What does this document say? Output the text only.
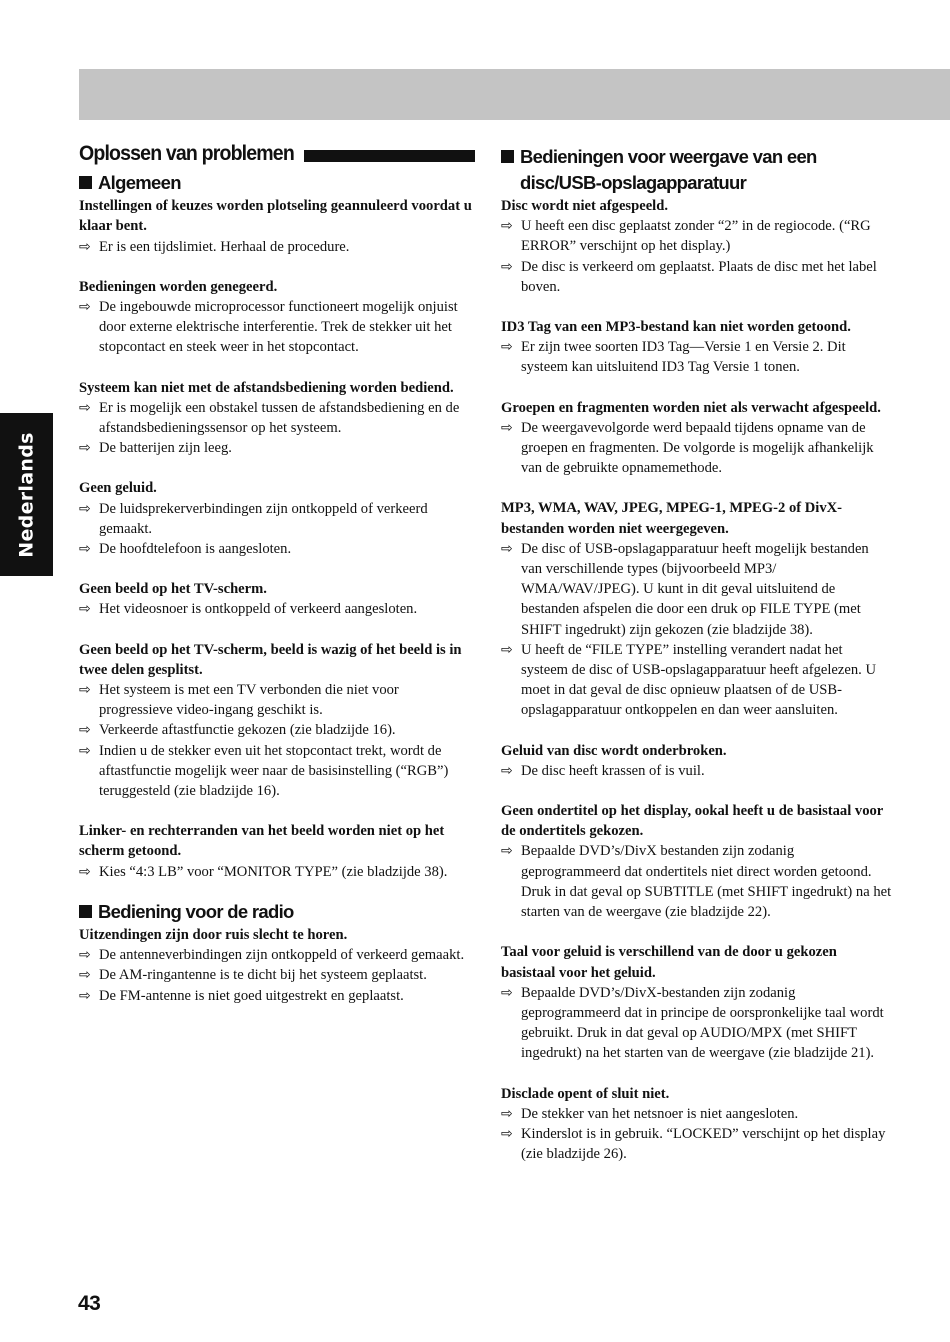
Nederlands
Oplossen van problemen
Algemeen
Instellingen of keuzes worden plotseling geannuleerd voordat u klaar bent.
⇨ Er is een tijdslimiet. Herhaal de procedure.
Bedieningen worden genegeerd.
⇨ De ingebouwde microprocessor functioneert mogelijk onjuist door externe elektrische interferentie. Trek de stekker uit het stopcontact en steek weer in het stopcontact.
Systeem kan niet met de afstandsbediening worden bediend.
⇨ Er is mogelijk een obstakel tussen de afstandsbediening en de afstandsbedieningssensor op het systeem.
⇨ De batterijen zijn leeg.
Geen geluid.
⇨ De luidsprekerverbindingen zijn ontkoppeld of verkeerd gemaakt.
⇨ De hoofdtelefoon is aangesloten.
Geen beeld op het TV-scherm.
⇨ Het videosnoer is ontkoppeld of verkeerd aangesloten.
Geen beeld op het TV-scherm, beeld is wazig of het beeld is in twee delen gesplitst.
⇨ Het systeem is met een TV verbonden die niet voor progressieve video-ingang geschikt is.
⇨ Verkeerde aftastfunctie gekozen (zie bladzijde 16).
⇨ Indien u de stekker even uit het stopcontact trekt, wordt de aftastfunctie mogelijk weer naar de basisinstelling (“RGB”) teruggesteld (zie bladzijde 16).
Linker- en rechterranden van het beeld worden niet op het scherm getoond.
⇨ Kies “4:3 LB” voor “MONITOR TYPE” (zie bladzijde 38).
Bediening voor de radio
Uitzendingen zijn door ruis slecht te horen.
⇨ De antenneverbindingen zijn ontkoppeld of verkeerd gemaakt.
⇨ De AM-ringantenne is te dicht bij het systeem geplaatst.
⇨ De FM-antenne is niet goed uitgestrekt en geplaatst.
Bedieningen voor weergave van een disc/USB-opslagapparatuur
Disc wordt niet afgespeeld.
⇨ U heeft een disc geplaatst zonder “2” in de regiocode. (“RG ERROR” verschijnt op het display.)
⇨ De disc is verkeerd om geplaatst. Plaats de disc met het label boven.
ID3 Tag van een MP3-bestand kan niet worden getoond.
⇨ Er zijn twee soorten ID3 Tag—Versie 1 en Versie 2. Dit systeem kan uitsluitend ID3 Tag Versie 1 tonen.
Groepen en fragmenten worden niet als verwacht afgespeeld.
⇨ De weergavevolgorde werd bepaald tijdens opname van de groepen en fragmenten. De volgorde is mogelijk afhankelijk van de gebruikte opnamemethode.
MP3, WMA, WAV, JPEG, MPEG-1, MPEG-2 of DivX-bestanden worden niet weergegeven.
⇨ De disc of USB-opslagapparatuur heeft mogelijk bestanden van verschillende types (bijvoorbeeld MP3/ WMA/WAV/JPEG). U kunt in dit geval uitsluitend de bestanden afspelen die door een druk op FILE TYPE (met SHIFT ingedrukt) zijn gekozen (zie bladzijde 38).
⇨ U heeft de “FILE TYPE” instelling verandert nadat het systeem de disc of USB-opslagapparatuur heeft afgelezen. U moet in dat geval de disc opnieuw plaatsen of de USB-opslagapparatuur ontkoppelen en dan weer aansluiten.
Geluid van disc wordt onderbroken.
⇨ De disc heeft krassen of is vuil.
Geen ondertitel op het display, ookal heeft u de basistaal voor de ondertitels gekozen.
⇨ Bepaalde DVD’s/DivX bestanden zijn zodanig geprogrammeerd dat ondertitels niet direct worden getoond. Druk in dat geval op SUBTITLE (met SHIFT ingedrukt) na het starten van de weergave (zie bladzijde 22).
Taal voor geluid is verschillend van de door u gekozen basistaal voor het geluid.
⇨ Bepaalde DVD’s/DivX-bestanden zijn zodanig geprogrammeerd dat in principe de oorspronkelijke taal wordt gebruikt. Druk in dat geval op AUDIO/MPX (met SHIFT ingedrukt) na het starten van de weergave (zie bladzijde 21).
Disclade opent of sluit niet.
⇨ De stekker van het netsnoer is niet aangesloten.
⇨ Kinderslot is in gebruik. “LOCKED” verschijnt op het display (zie bladzijde 26).
43
